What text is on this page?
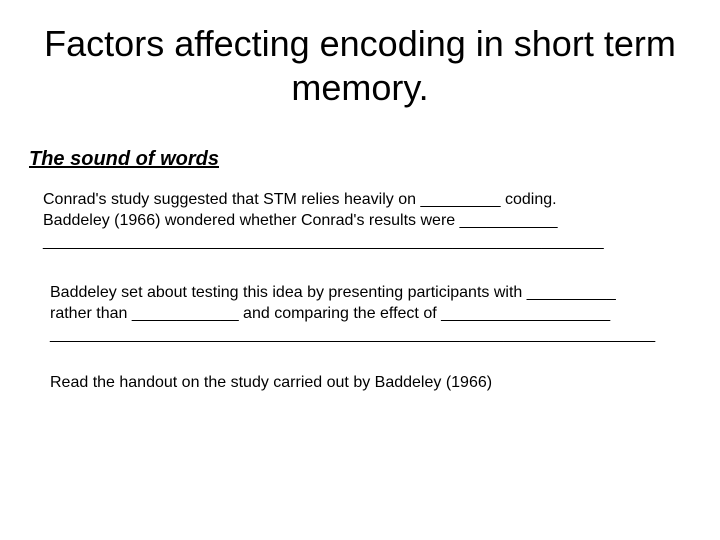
Factors affecting encoding in short term memory.
The sound of words

Conrad's study suggested that STM relies heavily on _________ coding.
Baddeley (1966) wondered whether Conrad's results were ___________
_______________________________________________________________

Baddeley set about testing this idea by presenting participants with __________
rather than ____________ and comparing the effect of ___________________
____________________________________________________________________

Read the handout on the study carried out by Baddeley (1966)
